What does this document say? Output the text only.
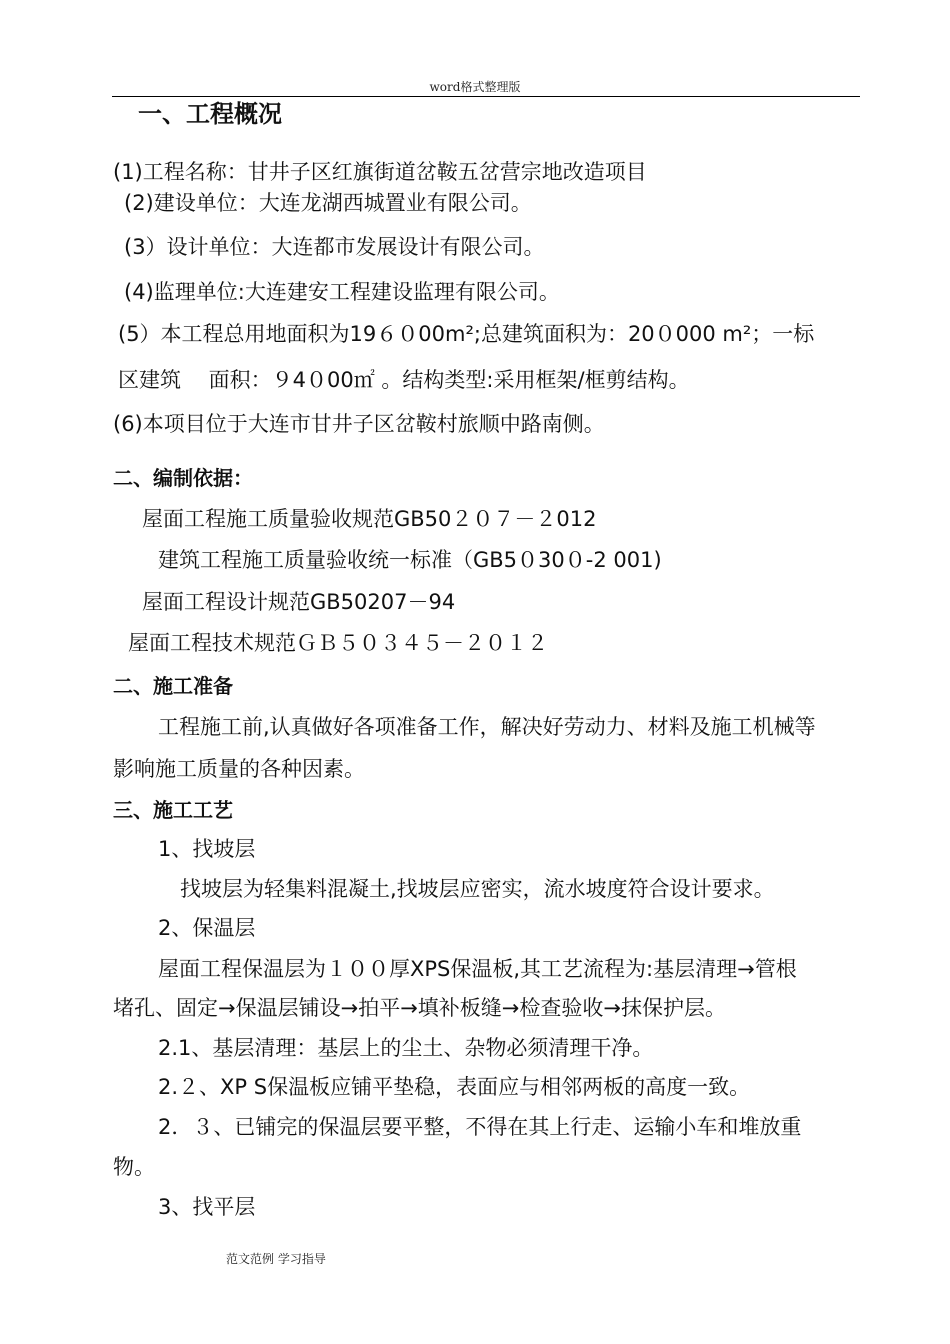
word格式整理版
一、工程概况
(1)工程名称：甘井子区红旗街道岔鞍五岔营宗地改造项目
(2)建设单位：大连龙湖西城置业有限公司。
(3）设计单位：大连都市发展设计有限公司。
(4)监理单位:大连建安工程建设监理有限公司。
(5）本工程总用地面积为19６０00m²;总建筑面积为：20０000 m²；一标
区建筑　 面积：９4０00㎡ 。结构类型:采用框架/框剪结构。
(6)本项目位于大连市甘井子区岔鞍村旅顺中路南侧。
二、编制依据：
屋面工程施工质量验收规范GB50２０７－２012
建筑工程施工质量验收统一标准（GB5０30０-2 001)
屋面工程设计规范GB50207－94
屋面工程技术规范ＧＢ５０３４５－２０１２
二、施工准备
工程施工前,认真做好各项准备工作，解决好劳动力、材料及施工机械等
影响施工质量的各种因素。
三、施工工艺
1、找坡层
找坡层为轻集料混凝土,找坡层应密实，流水坡度符合设计要求。
2、保温层
屋面工程保温层为１００厚XPS保温板,其工艺流程为:基层清理→管根
堵孔、固定→保温层铺设→拍平→填补板缝→检查验收→抹保护层。
2.1、基层清理：基层上的尘土、杂物必须清理干净。
2.２、XP S保温板应铺平垫稳，表面应与相邻两板的高度一致。
2．３、已铺完的保温层要平整，不得在其上行走、运输小车和堆放重
物。
3、找平层
范文范例 学习指导
